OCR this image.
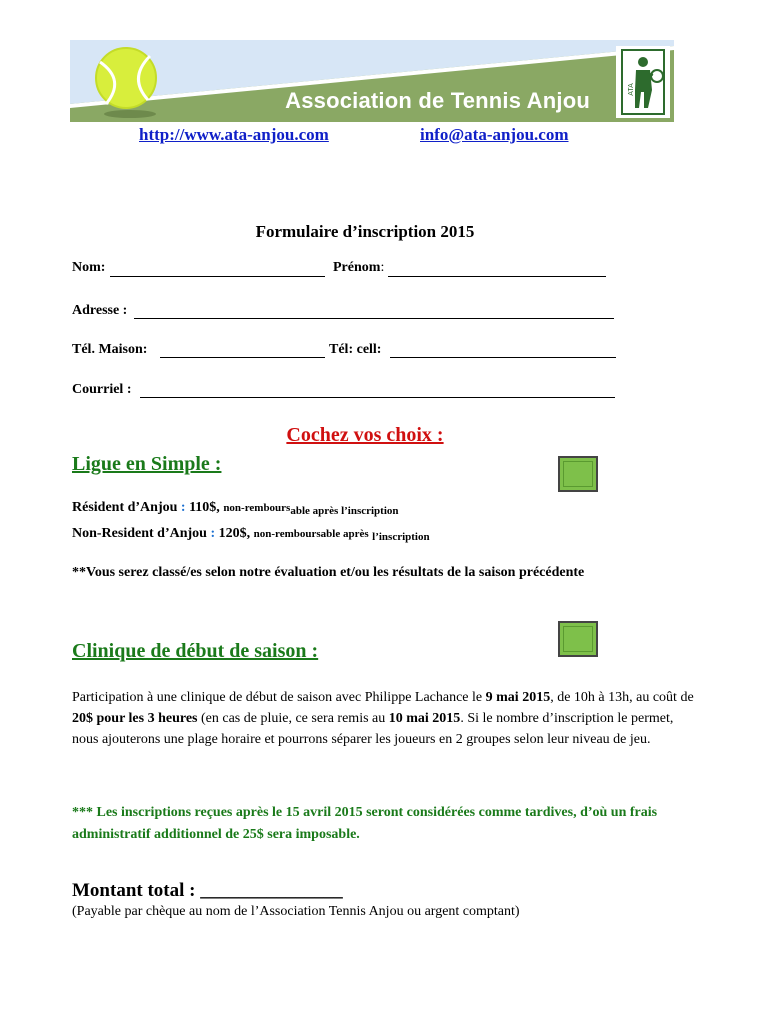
ATA
Association de Tennis Anjou
http://www.ata-anjou.com	info@ata-anjou.com
Formulaire d’inscription 2015
Nom:	Prénom:
Adresse :
Tél. Maison:	Tél: cell:
Courriel :
Cochez vos choix :
Ligue en Simple :
Résident d’Anjou : 110$, non-rembours$_{able après l’inscription}$
Non-Resident d’Anjou : 120$, non-remboursable après $_{l’inscription}$
**Vous serez classé/es selon notre évaluation et/ou les résultats de la saison précédente
Clinique de début de saison :
Participation à une clinique de début de saison avec Philippe Lachance le 9 mai 2015, de 10h à 13h, au coût de 20$ pour les 3 heures (en cas de pluie, ce sera remis au 10 mai 2015. Si le nombre d’inscription le permet, nous ajouterons une plage horaire et pourrons séparer les joueurs en 2 groupes selon leur niveau de jeu.
*** Les inscriptions reçues après le 15 avril 2015 seront considérées comme tardives, d’où un frais administratif additionnel de 25$ sera imposable.
Montant total : _______________
(Payable par chèque au nom de l’Association Tennis Anjou ou argent comptant)
